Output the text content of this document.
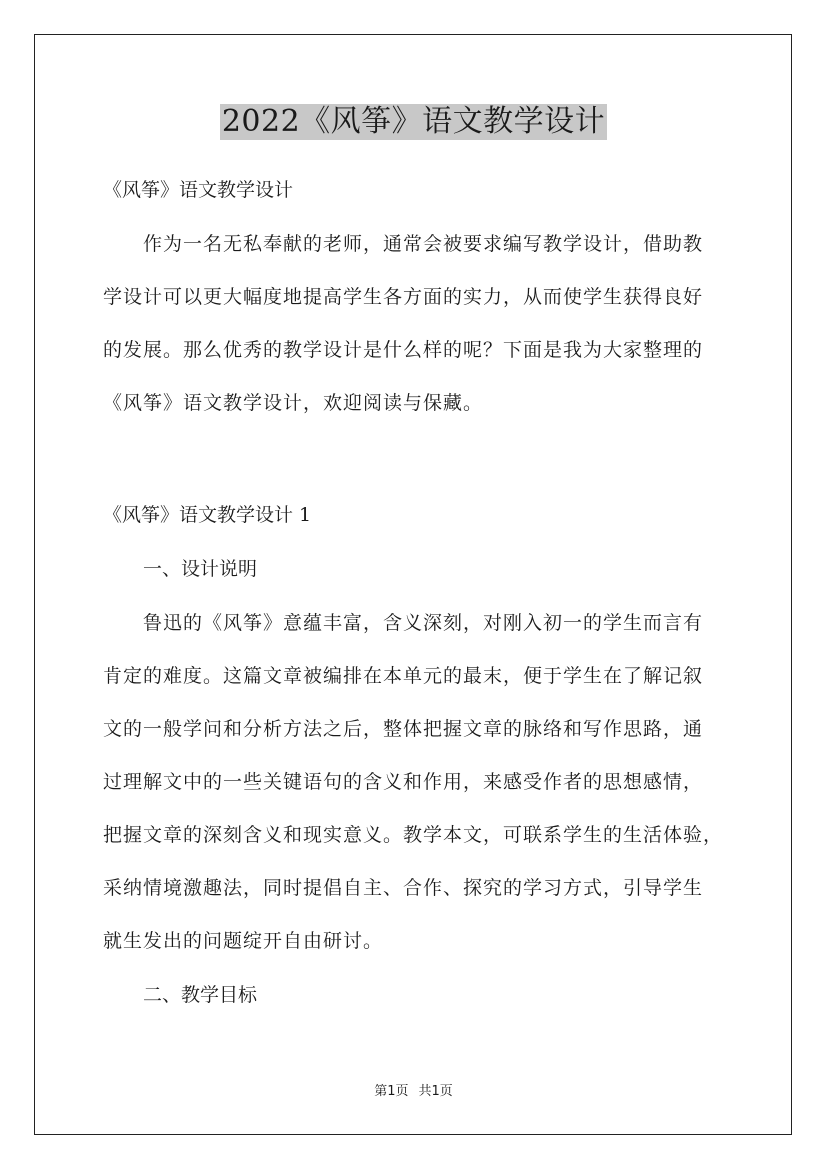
2022《风筝》语文教学设计
《风筝》语文教学设计
作为一名无私奉献的老师，通常会被要求编写教学设计，借助教
学设计可以更大幅度地提高学生各方面的实力，从而使学生获得良好
的发展。那么优秀的教学设计是什么样的呢？下面是我为大家整理的
《风筝》语文教学设计，欢迎阅读与保藏。
《风筝》语文教学设计 1
一、设计说明
鲁迅的《风筝》意蕴丰富，含义深刻，对刚入初一的学生而言有
肯定的难度。这篇文章被编排在本单元的最末，便于学生在了解记叙
文的一般学问和分析方法之后，整体把握文章的脉络和写作思路，通
过理解文中的一些关键语句的含义和作用，来感受作者的思想感情，
把握文章的深刻含义和现实意义。教学本文，可联系学生的生活体验，
采纳情境激趣法，同时提倡自主、合作、探究的学习方式，引导学生
就生发出的问题绽开自由研讨。
二、教学目标
第1页 共1页
